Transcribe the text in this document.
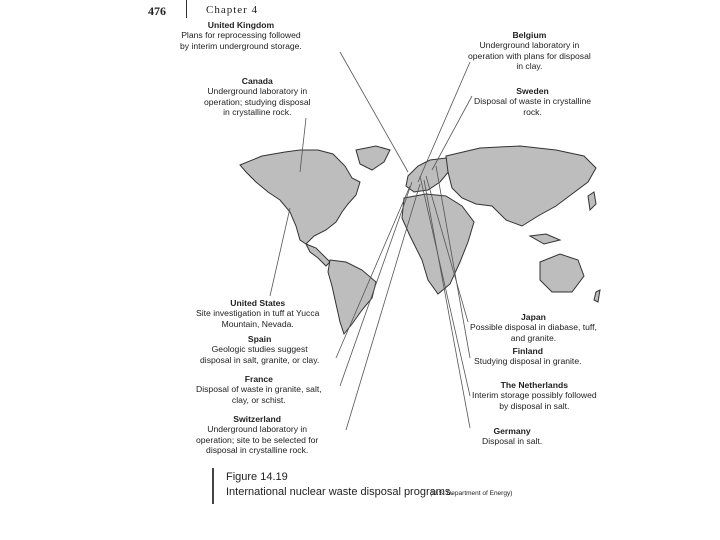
476	Chapter 4
United Kingdom
Plans for reprocessing followed
by interim underground storage.
Canada
Underground laboratory in
operation; studying disposal
in crystalline rock.
Belgium
Underground laboratory in
operation with plans for disposal
in clay.
Sweden
Disposal of waste in crystalline
rock.
United States
Site investigation in tuff at Yucca
Mountain, Nevada.
Spain
Geologic studies suggest
disposal in salt, granite, or clay.
France
Disposal of waste in granite, salt,
clay, or schist.
Switzerland
Underground laboratory in
operation; site to be selected for
disposal in crystalline rock.
Japan
Possible disposal in diabase, tuff,
and granite.
Finland
Studying disposal in granite.
The Netherlands
Interim storage possibly followed
by disposal in salt.
Germany
Disposal in salt.
Figure 14.19
International nuclear waste disposal programs.
(U.S. Department of Energy)
